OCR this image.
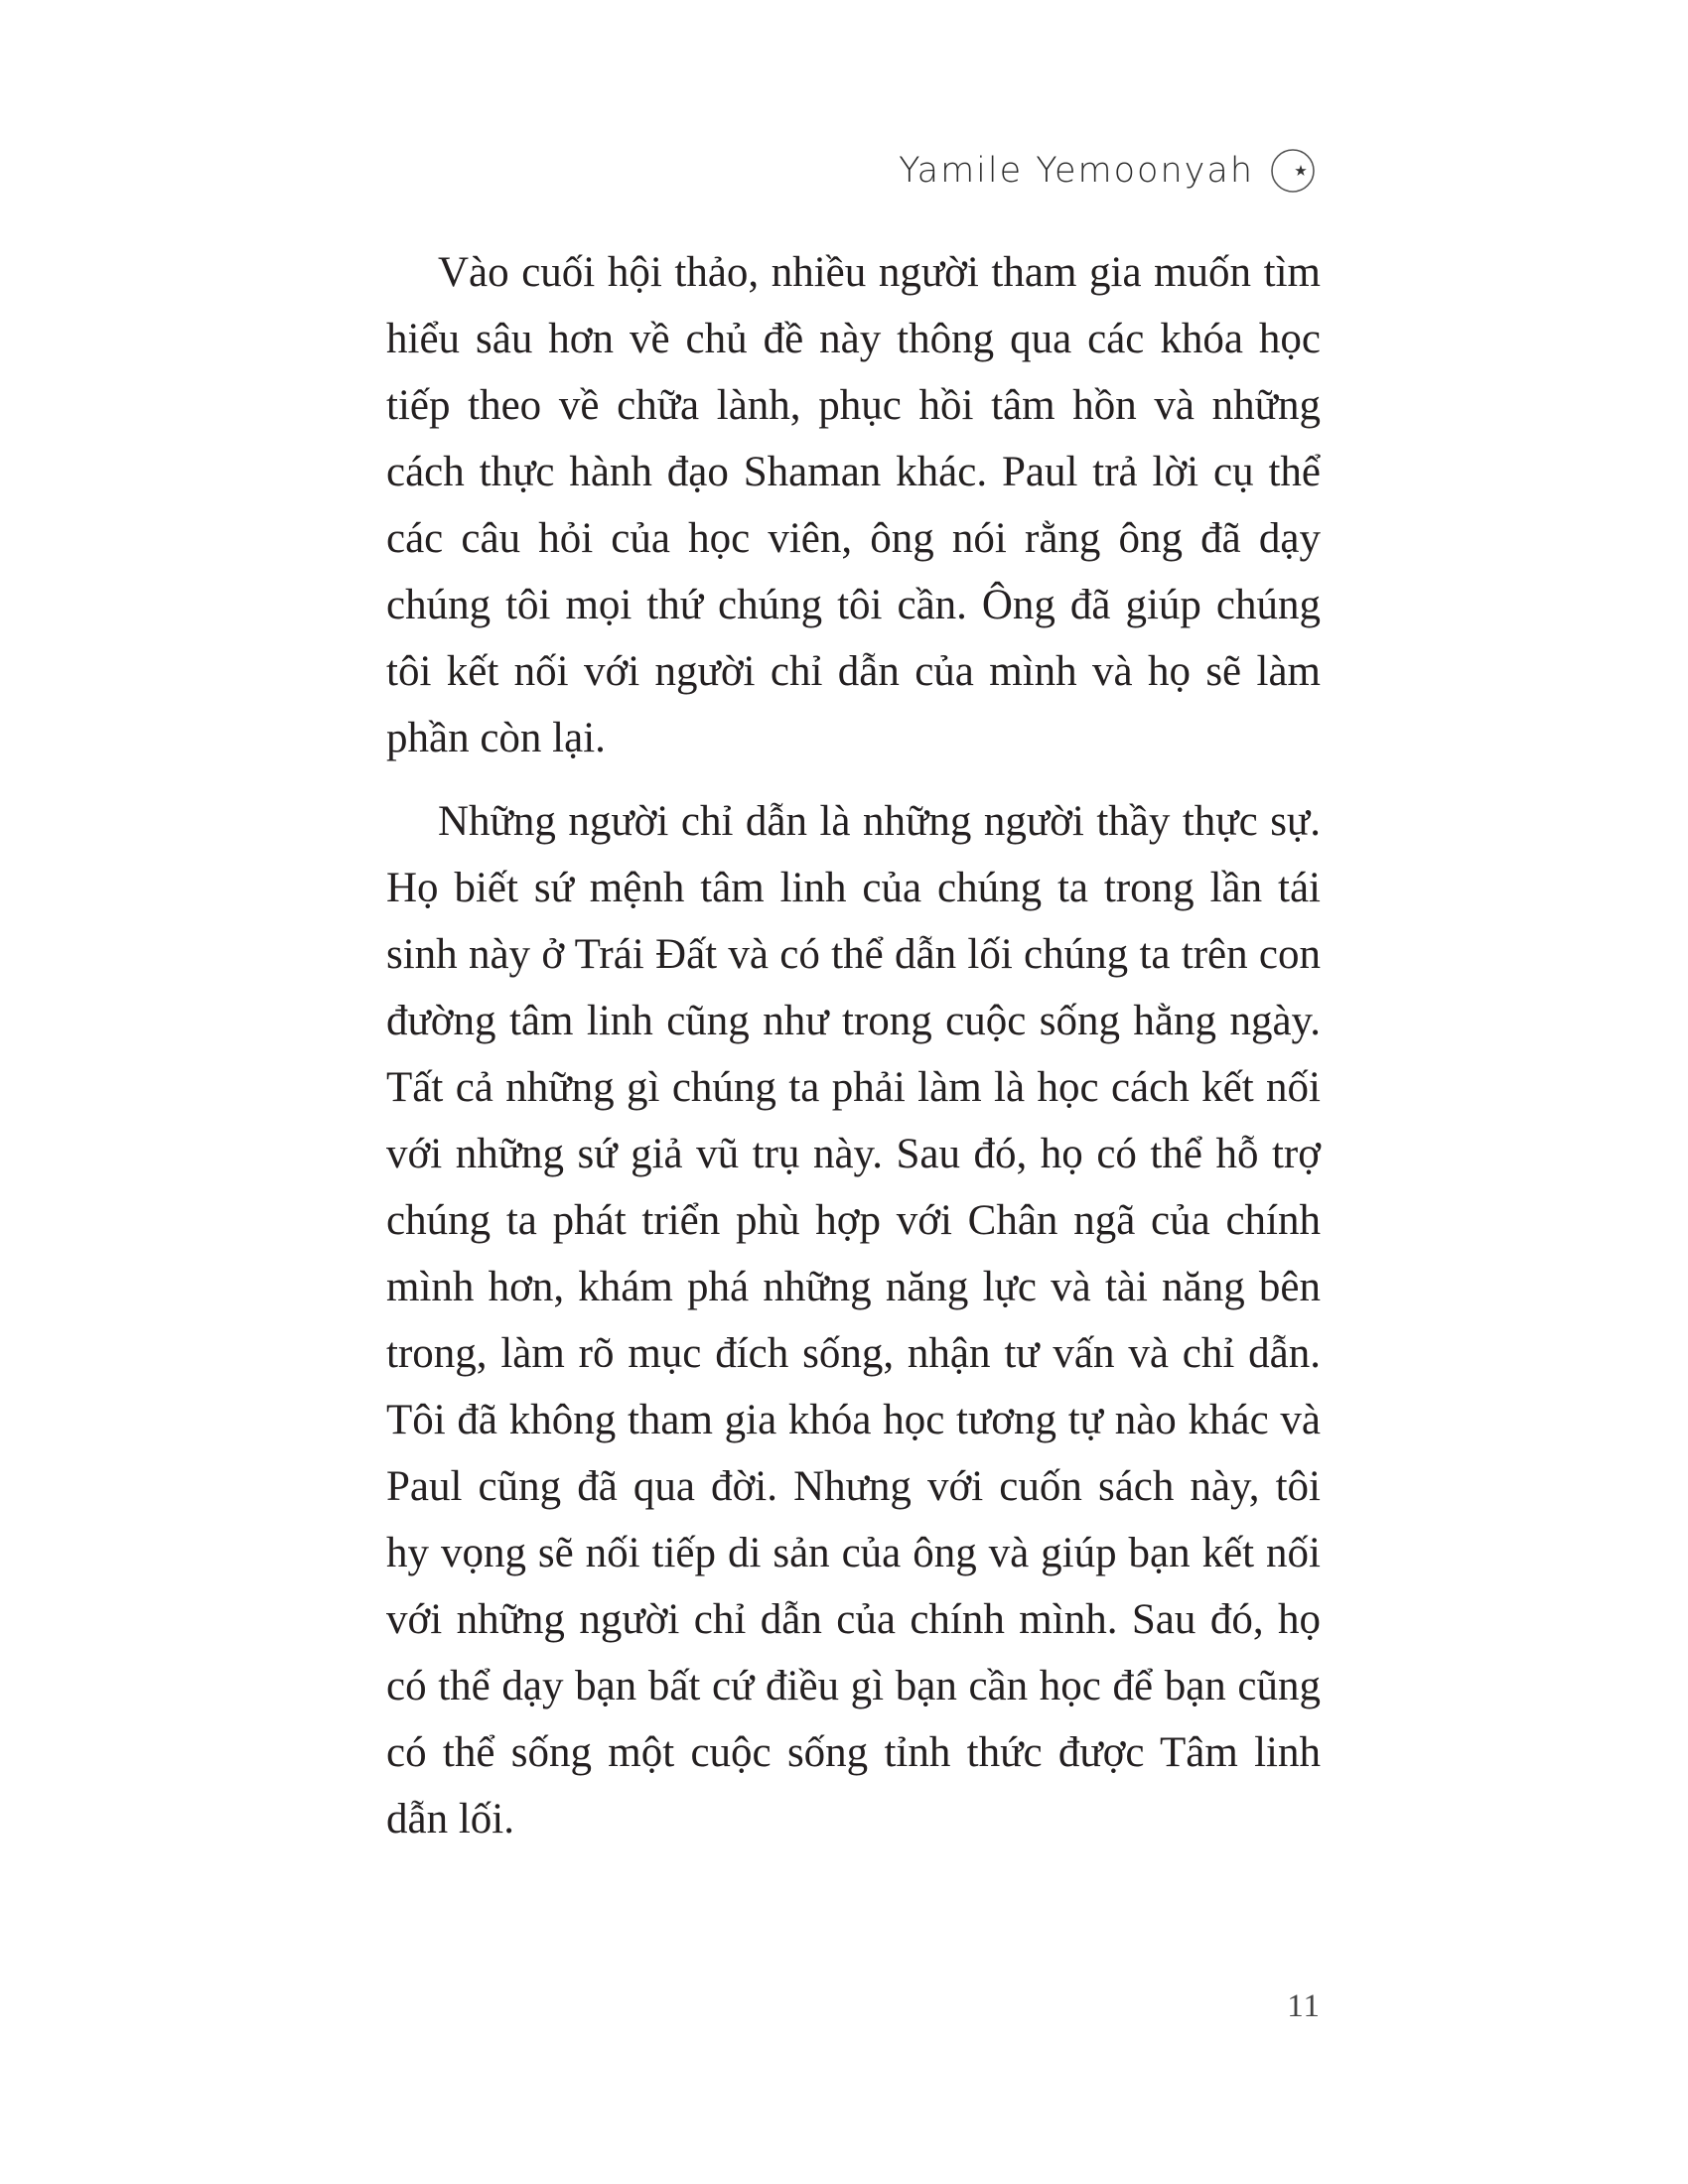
Yamile Yemoonyah

Vào cuối hội thảo, nhiều người tham gia muốn tìm hiểu sâu hơn về chủ đề này thông qua các khóa học tiếp theo về chữa lành, phục hồi tâm hồn và những cách thực hành đạo Shaman khác. Paul trả lời cụ thể các câu hỏi của học viên, ông nói rằng ông đã dạy chúng tôi mọi thứ chúng tôi cần. Ông đã giúp chúng tôi kết nối với người chỉ dẫn của mình và họ sẽ làm phần còn lại.

Những người chỉ dẫn là những người thầy thực sự. Họ biết sứ mệnh tâm linh của chúng ta trong lần tái sinh này ở Trái Đất và có thể dẫn lối chúng ta trên con đường tâm linh cũng như trong cuộc sống hằng ngày. Tất cả những gì chúng ta phải làm là học cách kết nối với những sứ giả vũ trụ này. Sau đó, họ có thể hỗ trợ chúng ta phát triển phù hợp với Chân ngã của chính mình hơn, khám phá những năng lực và tài năng bên trong, làm rõ mục đích sống, nhận tư vấn và chỉ dẫn. Tôi đã không tham gia khóa học tương tự nào khác và Paul cũng đã qua đời. Nhưng với cuốn sách này, tôi hy vọng sẽ nối tiếp di sản của ông và giúp bạn kết nối với những người chỉ dẫn của chính mình. Sau đó, họ có thể dạy bạn bất cứ điều gì bạn cần học để bạn cũng có thể sống một cuộc sống tỉnh thức được Tâm linh dẫn lối.

11
